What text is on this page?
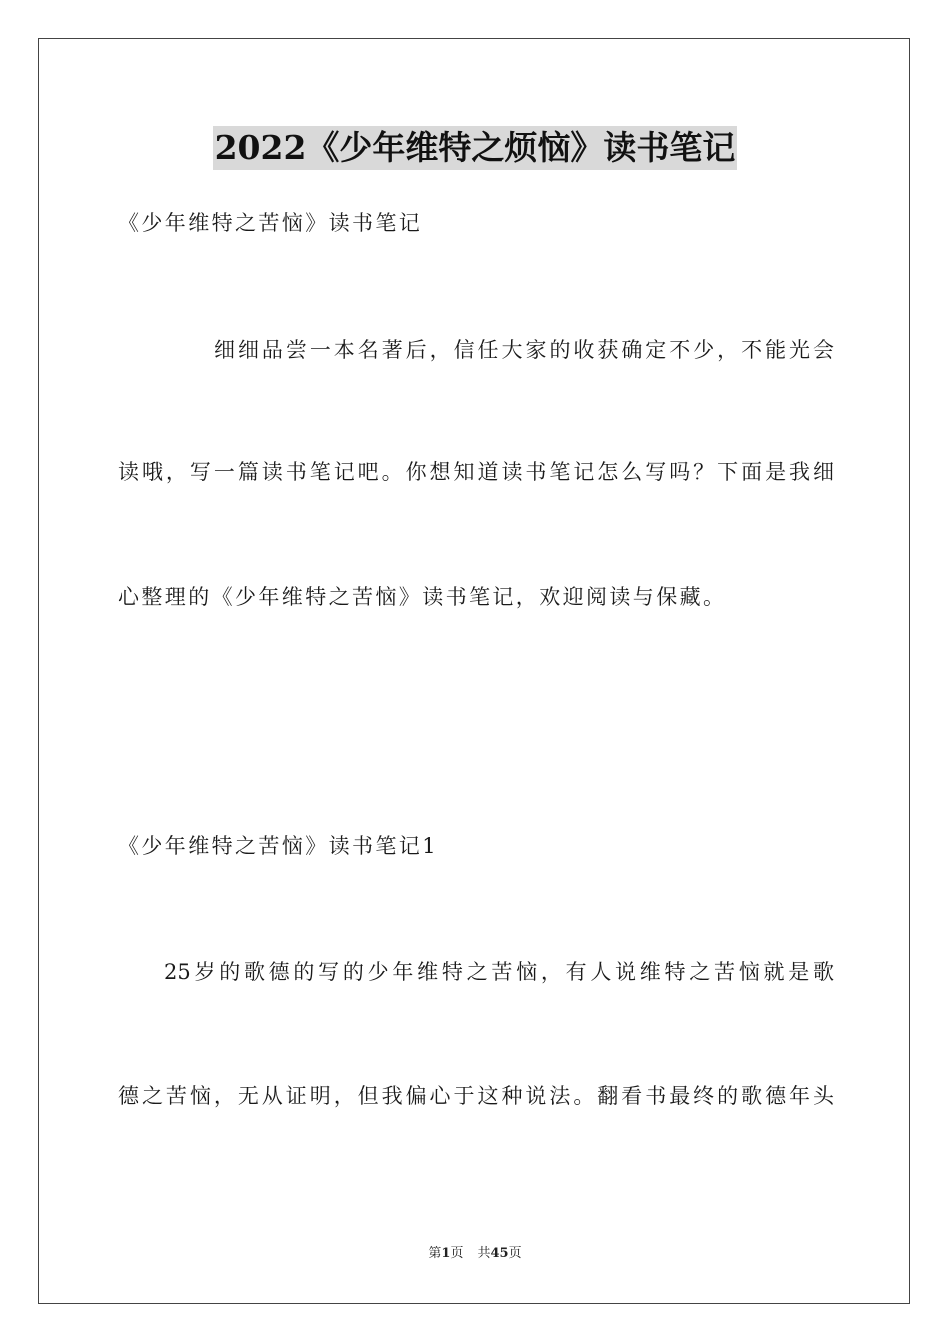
2022《少年维特之烦恼》读书笔记
《少年维特之苦恼》读书笔记
细细品尝一本名著后，信任大家的收获确定不少，不能光会
读哦，写一篇读书笔记吧。你想知道读书笔记怎么写吗？下面是我细
心整理的《少年维特之苦恼》读书笔记，欢迎阅读与保藏。
《少年维特之苦恼》读书笔记1
25岁的歌德的写的少年维特之苦恼，有人说维特之苦恼就是歌
德之苦恼，无从证明，但我偏心于这种说法。翻看书最终的歌德年头
第1页 共45页
